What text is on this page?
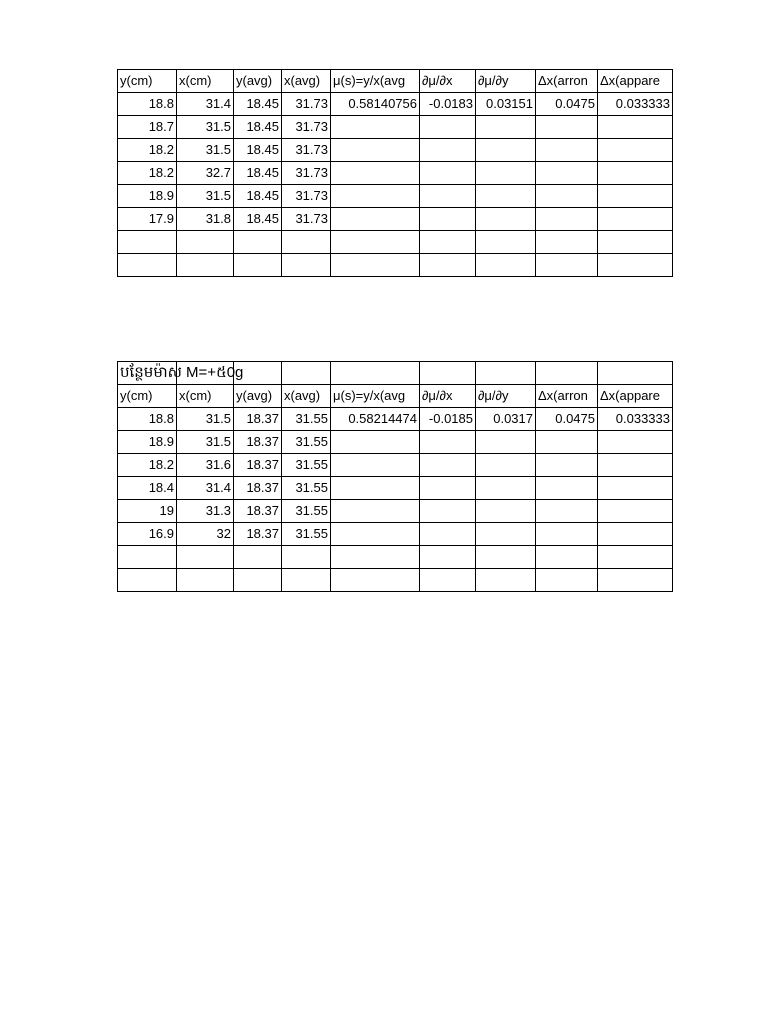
y(cm)	x(cm)	y(avg)	x(avg)	μ(s)=y/x(avg	∂μ/∂x	∂μ/∂y	Δx(arron	Δx(appare
18.8	31.4	18.45	31.73	0.58140756	-0.0183	0.03151	0.0475	0.033333
18.7	31.5	18.45	31.73					
18.2	31.5	18.45	31.73					
18.2	32.7	18.45	31.73					
18.9	31.5	18.45	31.73					
17.9	31.8	18.45	31.73					

បន្ថែមម៉ាស M=+៥0g								

y(cm)	x(cm)	y(avg)	x(avg)	μ(s)=y/x(avg	∂μ/∂x	∂μ/∂y	Δx(arron	Δx(appare
18.8	31.5	18.37	31.55	0.58214474	-0.0185	0.0317	0.0475	0.033333
18.9	31.5	18.37	31.55					
18.2	31.6	18.37	31.55					
18.4	31.4	18.37	31.55					
19	31.3	18.37	31.55					
16.9	32	18.37	31.55					
